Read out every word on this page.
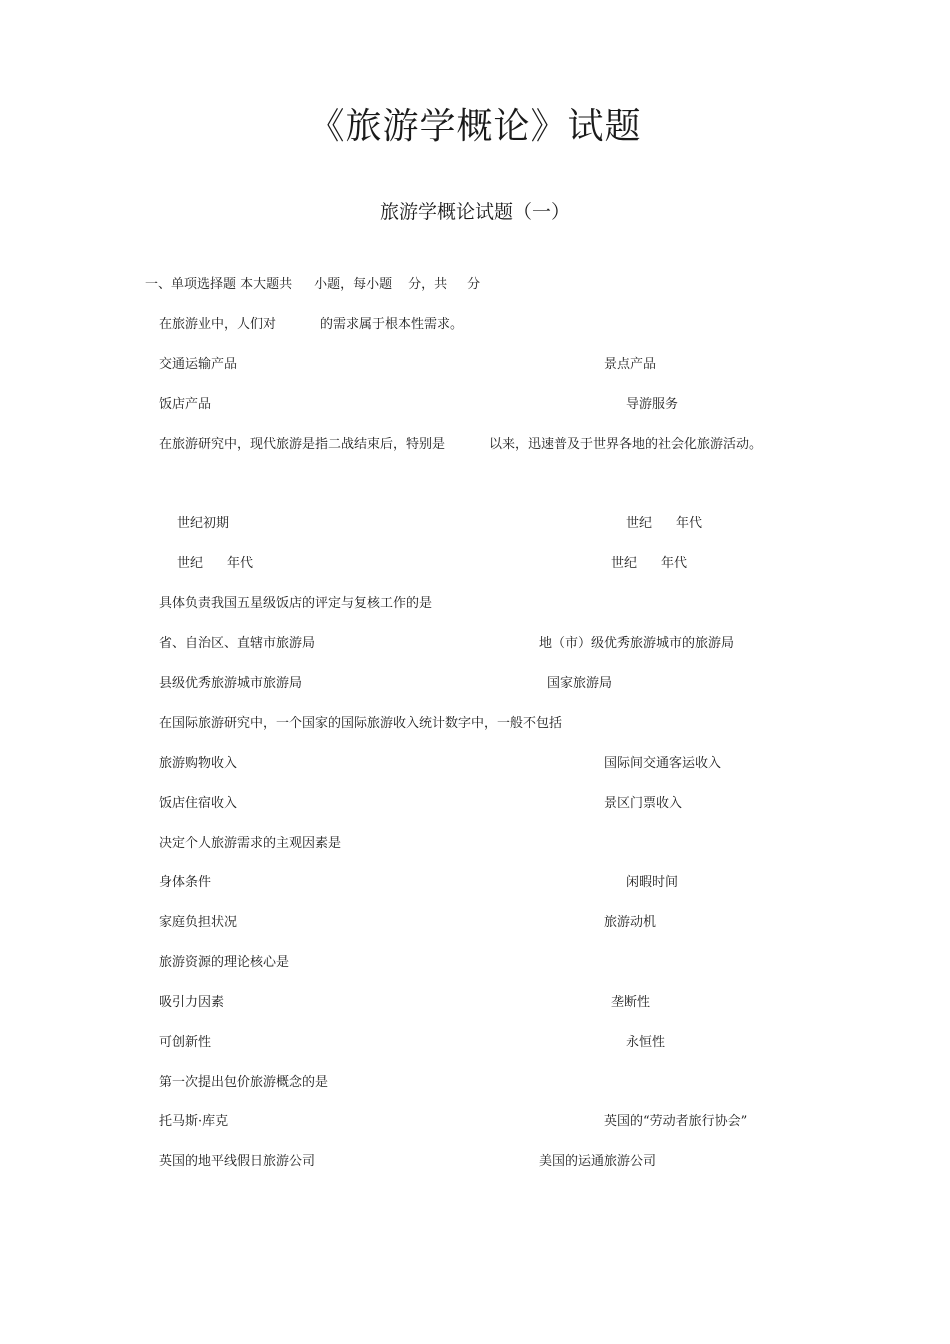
《旅游学概论》试题
旅游学概论试题（一）
一、单项选择题 本大题共 小题，每小题 分，共 分
在旅游业中，人们对	的需求属于根本性需求。
交通运输产品	景点产品
饭店产品	导游服务
在旅游研究中，现代旅游是指二战结束后，特别是	以来，迅速普及于世界各地的社会化旅游活动。
世纪初期	世纪 年代
世纪 年代	世纪 年代
具体负责我国五星级饭店的评定与复核工作的是
省、自治区、直辖市旅游局	地（市）级优秀旅游城市的旅游局
县级优秀旅游城市旅游局	国家旅游局
在国际旅游研究中，一个国家的国际旅游收入统计数字中，一般不包括
旅游购物收入	国际间交通客运收入
饭店住宿收入	景区门票收入
决定个人旅游需求的主观因素是
身体条件	闲暇时间
家庭负担状况	旅游动机
旅游资源的理论核心是
吸引力因素	垄断性
可创新性	永恒性
第一次提出包价旅游概念的是
托马斯·库克	英国的“劳动者旅行协会”
英国的地平线假日旅游公司	美国的运通旅游公司
